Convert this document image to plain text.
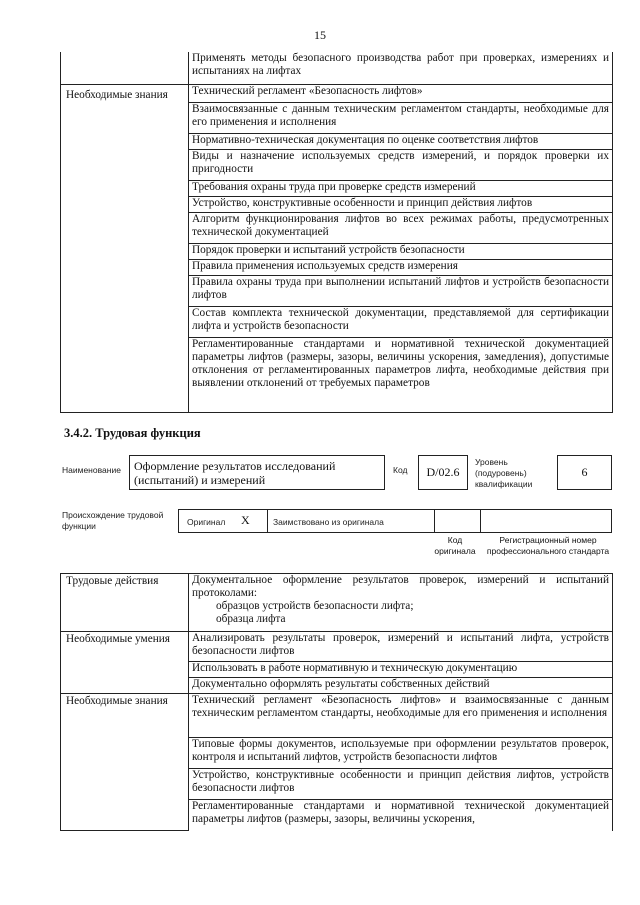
15
	Применять методы безопасного производства работ при проверках, измерениях и испытаниях на лифтах
Необходимые знания	Технический регламент «Безопасность лифтов»
	Взаимосвязанные с данным техническим регламентом стандарты, необходимые для его применения и исполнения
	Нормативно-техническая документация по оценке соответствия лифтов
	Виды и назначение используемых средств измерений, и порядок проверки их пригодности
	Требования охраны труда при проверке средств измерений
	Устройство, конструктивные особенности и принцип действия лифтов
	Алгоритм функционирования лифтов во всех режимах работы, предусмотренных технической документацией
	Порядок проверки и испытаний устройств безопасности
	Правила применения используемых средств измерения
	Правила охраны труда при выполнении испытаний лифтов и устройств безопасности лифтов
	Состав комплекта технической документации, представляемой для сертификации лифта и устройств безопасности
	Регламентированные стандартами и нормативной технической документацией параметры лифтов (размеры, зазоры, величины ускорения, замедления), допустимые отклонения от регламентированных параметров лифта, необходимые действия при выявлении отклонений от требуемых параметров
3.4.2. Трудовая функция
Наименование	Оформление результатов исследований (испытаний) и измерений
Код	D/02.6
Уровень (подуровень) квалификации
6
Происхождение трудовой функции	Оригинал X	Заимствовано из оригинала
Код оригинала
Регистрационный номер профессионального стандарта
Трудовые действия	Документальное оформление результатов проверок, измерений и испытаний протоколами:
образцов устройств безопасности лифта;
образца лифта

Необходимые умения	Анализировать результаты проверок, измерений и испытаний лифта, устройств безопасности лифтов
	Использовать в работе нормативную и техническую документацию
	Документально оформлять результаты собственных действий
Необходимые знания	Технический регламент «Безопасность лифтов» и взаимосвязанные с данным техническим регламентом стандарты, необходимые для его применения и исполнения
	Типовые формы документов, используемые при оформлении результатов проверок, контроля и испытаний лифтов, устройств безопасности лифтов
	Устройство, конструктивные особенности и принцип действия лифтов, устройств безопасности лифтов
	Регламентированные стандартами и нормативной технической документацией параметры лифтов (размеры, зазоры, величины ускорения,
